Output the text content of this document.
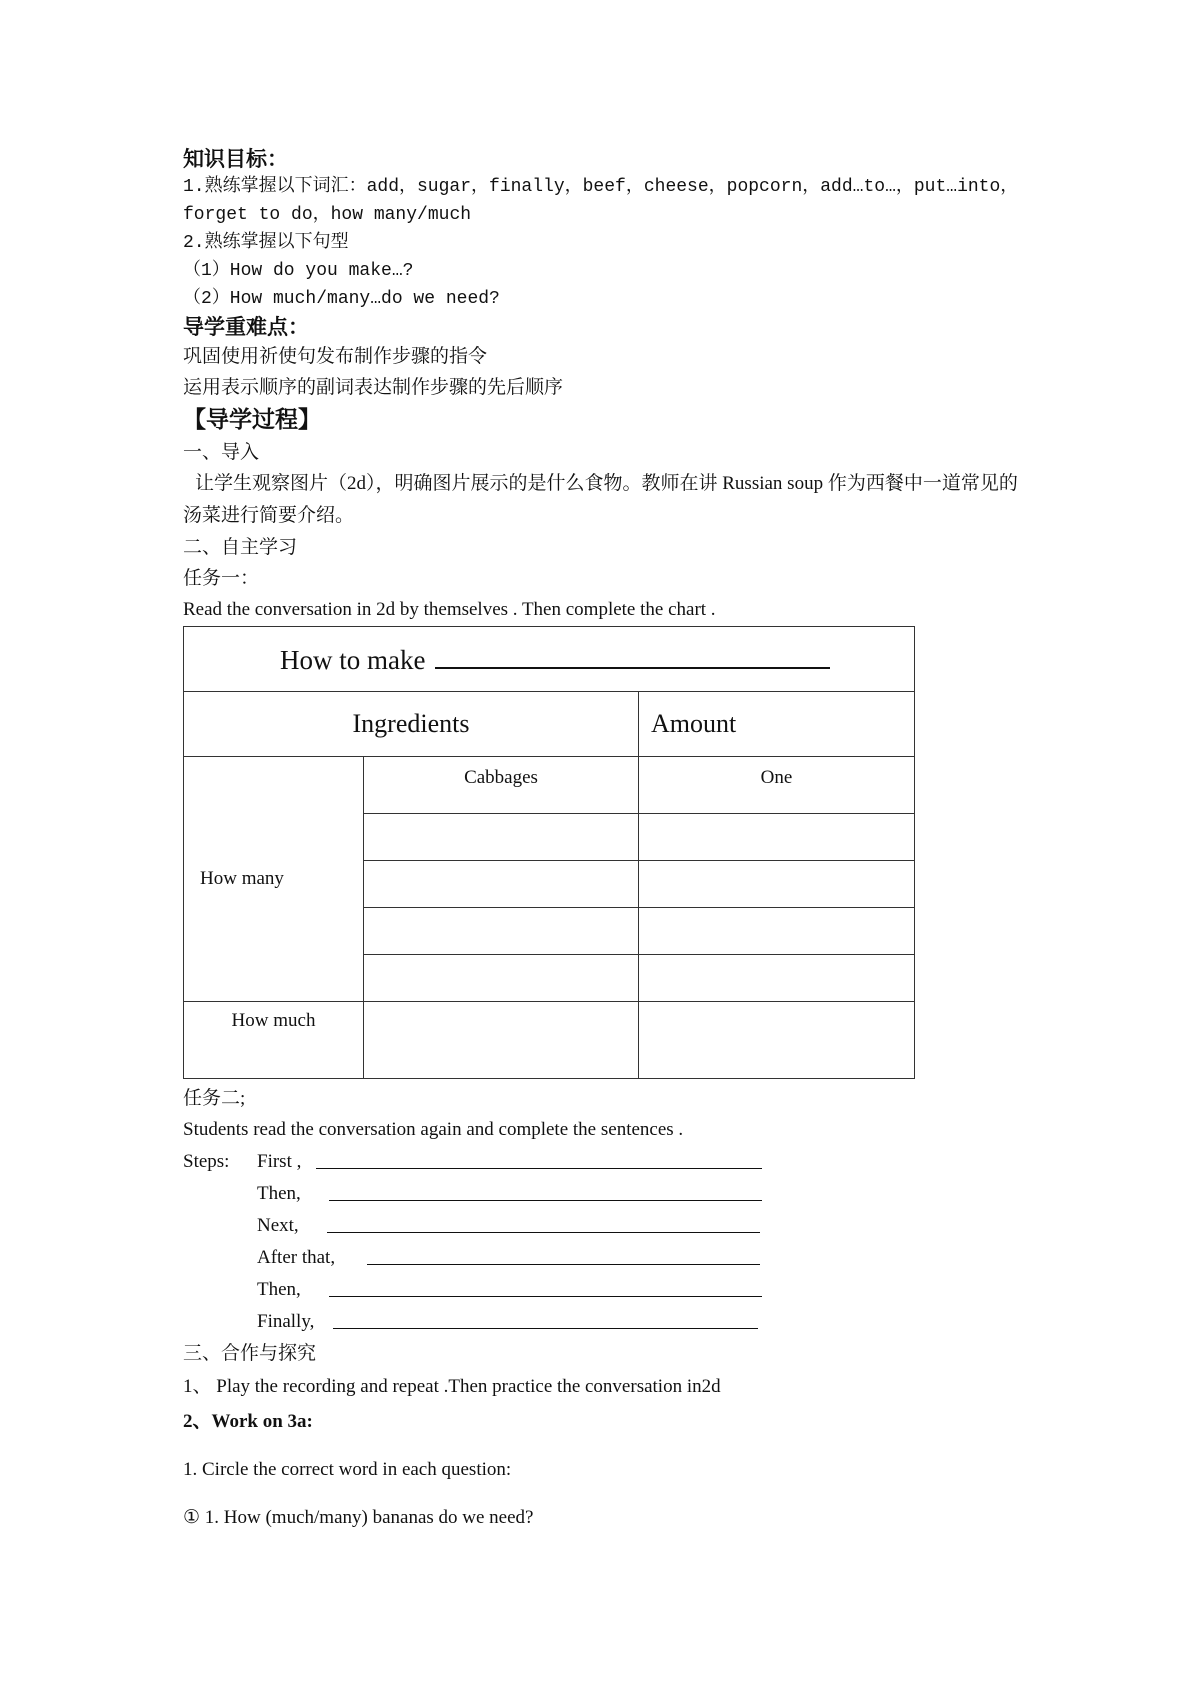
知识目标：

1.熟练掌握以下词汇：add，sugar，finally，beef，cheese，popcorn，add…to…，put…into，

forget to do，how many/much

2.熟练掌握以下句型

（1）How do you make…?

（2）How much/many…do we need?

导学重难点：

巩固使用祈使句发布制作步骤的指令

运用表示顺序的副词表达制作步骤的先后顺序

【导学过程】

一、导入

让学生观察图片（2d），明确图片展示的是什么食物。教师在讲 Russian soup 作为西餐中一道常见的汤菜进行简要介绍。

二、自主学习

任务一：

Read the conversation in 2d by themselves . Then complete the chart .

How to make		
Ingredients		Amount
How many	Cabbages	One

How much		

任务二;

Students read the conversation again and complete the sentences .

Steps: First ,
Then,
Next,
After that,
Then,
Finally,

三、合作与探究

1、 Play the recording and repeat .Then practice the conversation in2d

2、Work on 3a:

1. Circle the correct word in each question:

① 1. How (much/many) bananas do we need?
